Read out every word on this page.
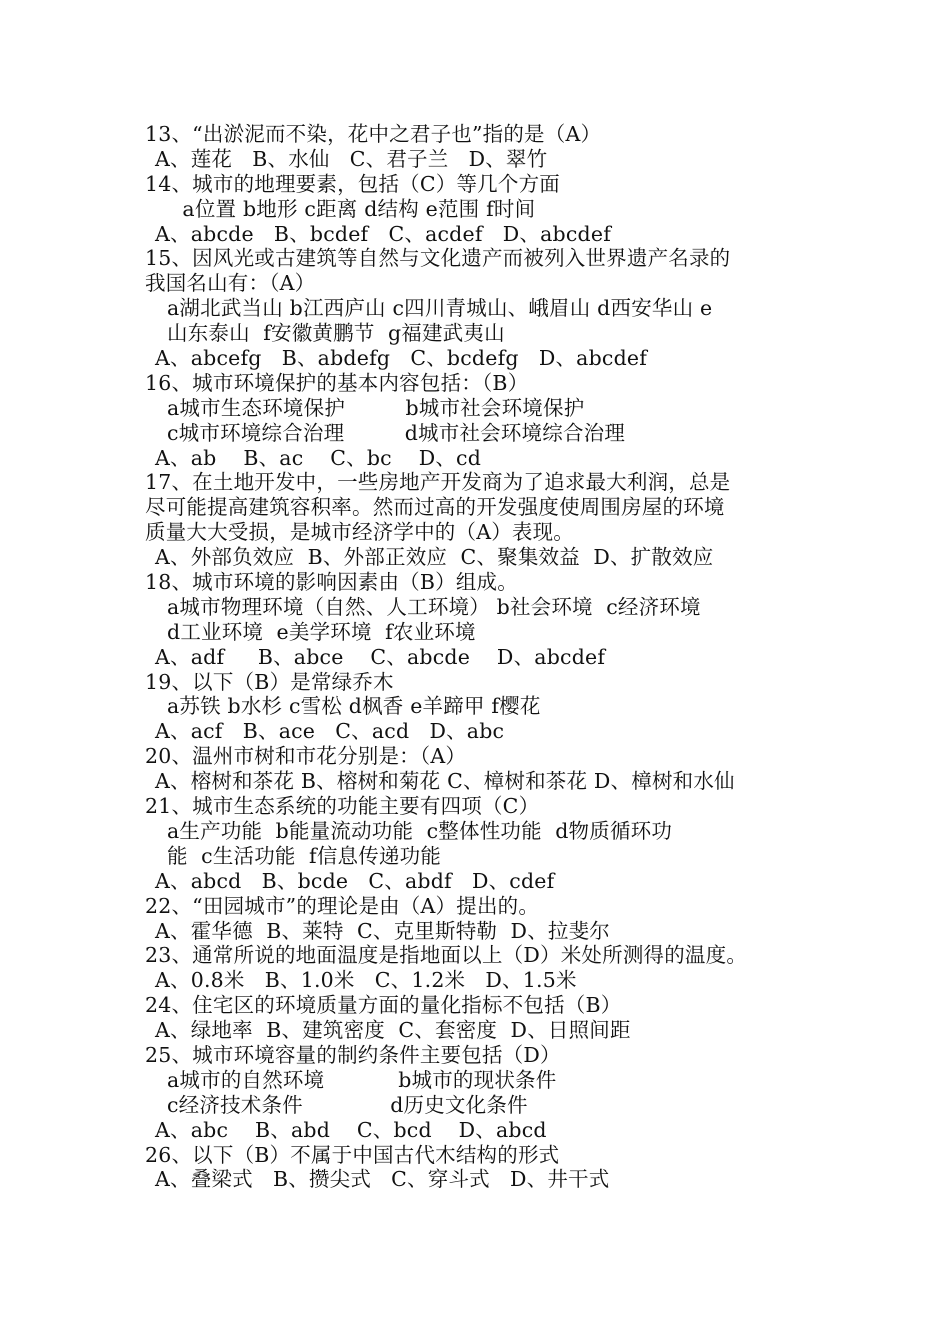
13、“出淤泥而不染，花中之君子也”指的是（A）
A、莲花   B、水仙   C、君子兰   D、翠竹
14、城市的地理要素，包括（C）等几个方面
a位置 b地形 c距离 d结构 e范围 f时间
A、abcde   B、bcdef   C、acdef   D、abcdef
15、因风光或古建筑等自然与文化遗产而被列入世界遗产名录的
我国名山有：（A）
a湖北武当山 b江西庐山 c四川青城山、峨眉山 d西安华山 e
山东泰山  f安徽黄鹏节  g福建武夷山
A、abcefg   B、abdefg   C、bcdefg   D、abcdef
16、城市环境保护的基本内容包括：（B）
a城市生态环境保护         b城市社会环境保护
c城市环境综合治理         d城市社会环境综合治理
A、ab    B、ac    C、bc    D、cd
17、在土地开发中，一些房地产开发商为了追求最大利润，总是
尽可能提高建筑容积率。然而过高的开发强度使周围房屋的环境
质量大大受损，是城市经济学中的（A）表现。
A、外部负效应  B、外部正效应  C、聚集效益  D、扩散效应
18、城市环境的影响因素由（B）组成。
a城市物理环境（自然、人工环境） b社会环境  c经济环境
d工业环境  e美学环境  f农业环境
A、adf     B、abce    C、abcde    D、abcdef
19、以下（B）是常绿乔木
a苏铁 b水杉 c雪松 d枫香 e羊蹄甲 f樱花
A、acf   B、ace   C、acd   D、abc
20、温州市树和市花分别是：（A）
A、榕树和茶花 B、榕树和菊花 C、樟树和茶花 D、樟树和水仙
21、城市生态系统的功能主要有四项（C）
a生产功能  b能量流动功能  c整体性功能  d物质循环功
能  c生活功能  f信息传递功能
A、abcd   B、bcde   C、abdf   D、cdef
22、“田园城市”的理论是由（A）提出的。
A、霍华德  B、莱特  C、克里斯特勒  D、拉斐尔
23、通常所说的地面温度是指地面以上（D）米处所测得的温度。
A、0.8米   B、1.0米   C、1.2米   D、1.5米
24、住宅区的环境质量方面的量化指标不包括（B）
A、绿地率  B、建筑密度  C、套密度  D、日照间距
25、城市环境容量的制约条件主要包括（D）
a城市的自然环境           b城市的现状条件
c经济技术条件             d历史文化条件
A、abc    B、abd    C、bcd    D、abcd
26、以下（B）不属于中国古代木结构的形式
A、叠梁式   B、攒尖式   C、穿斗式   D、井干式
